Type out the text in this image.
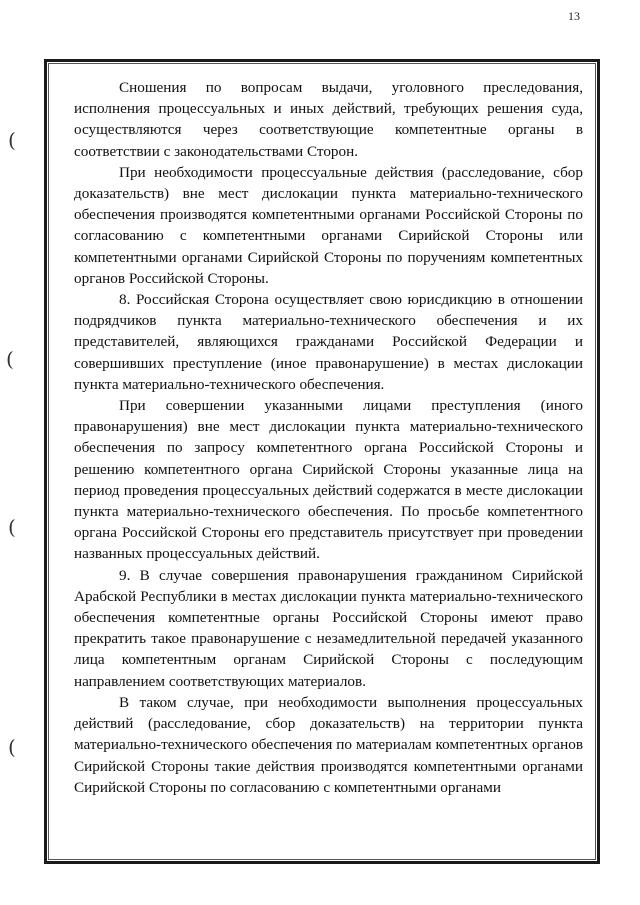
13
(
(
(
(

Сношения по вопросам выдачи, уголовного преследования, исполнения процессуальных и иных действий, требующих решения суда, осуществляются через соответствующие компетентные органы в соответствии с законодательствами Сторон.

При необходимости процессуальные действия (расследование, сбор доказательств) вне мест дислокации пункта материально-технического обеспечения производятся компетентными органами Российской Стороны по согласованию с компетентными органами Сирийской Стороны или компетентными органами Сирийской Стороны по поручениям компетентных органов Российской Стороны.

8. Российская Сторона осуществляет свою юрисдикцию в отношении подрядчиков пункта материально-технического обеспечения и их представителей, являющихся гражданами Российской Федерации и совершивших преступление (иное правонарушение) в местах дислокации пункта материально-технического обеспечения.

При совершении указанными лицами преступления (иного правонарушения) вне мест дислокации пункта материально-технического обеспечения по запросу компетентного органа Российской Стороны и решению компетентного органа Сирийской Стороны указанные лица на период проведения процессуальных действий содержатся в месте дислокации пункта материально-технического обеспечения. По просьбе компетентного органа Российской Стороны его представитель присутствует при проведении названных процессуальных действий.

9. В случае совершения правонарушения гражданином Сирийской Арабской Республики в местах дислокации пункта материально-технического обеспечения компетентные органы Российской Стороны имеют право прекратить такое правонарушение с незамедлительной передачей указанного лица компетентным органам Сирийской Стороны с последующим направлением соответствующих материалов.

В таком случае, при необходимости выполнения процессуальных действий (расследование, сбор доказательств) на территории пункта материально-технического обеспечения по материалам компетентных органов Сирийской Стороны такие действия производятся компетентными органами Сирийской Стороны по согласованию с компетентными органами
